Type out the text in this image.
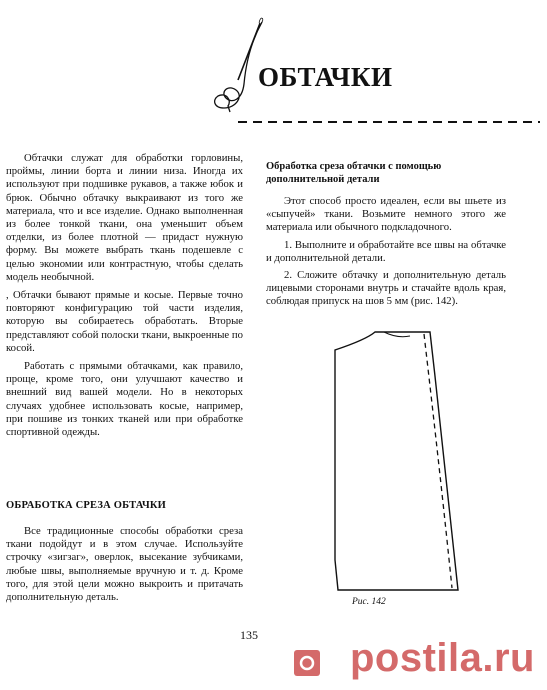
ОБТАЧКИ

Обтачки служат для обработки горловины, проймы, линии борта и линии низа. Иногда их используют при подшивке рукавов, а также юбок и брюк. Обычно обтачку выкраивают из того же материала, что и все изделие. Однако выполненная из более тонкой ткани, она уменьшит объем отделки, из более плотной — придаст нужную форму. Вы можете выбрать ткань подешевле с целью экономии или контрастную, чтобы сделать модель необычной.

, Обтачки бывают прямые и косые. Первые точно повторяют конфигурацию той части изделия, которую вы собираетесь обработать. Вторые представляют собой полоски ткани, выкроенные по косой.

Работать с прямыми обтачками, как правило, проще, кроме того, они улучшают качество и внешний вид вашей модели. Но в некоторых случаях удобнее использовать косые, например, при пошиве из тонких тканей или при обработке спортивной одежды.

ОБРАБОТКА СРЕЗА ОБТАЧКИ

Все традиционные способы обработки среза ткани подойдут и в этом случае. Используйте строчку «зигзаг», оверлок, высекание зубчиками, любые швы, выполняемые вручную и т. д. Кроме того, для этой цели можно выкроить и притачать дополнительную деталь.

Обработка среза обтачки с помощью дополнительной детали

Этот способ просто идеален, если вы шьете из «сыпучей» ткани. Возьмите немного этого же материала или обычного подкладочного.

1. Выполните и обработайте все швы на обтачке и дополнительной детали.

2. Сложите обтачку и дополнительную деталь лицевыми сторонами внутрь и стачайте вдоль края, соблюдая припуск на шов 5 мм (рис. 142).

Рис. 142
135
postila.ru
